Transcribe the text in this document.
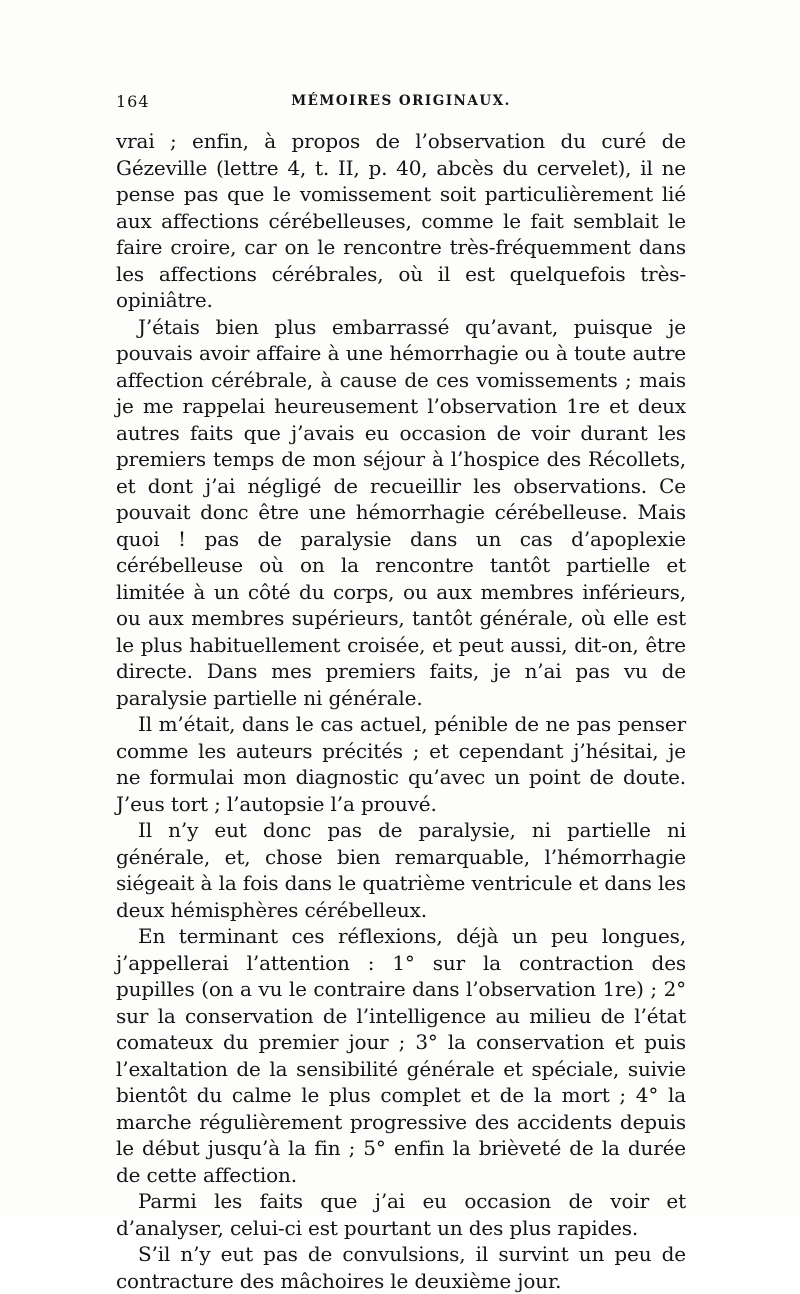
164	MÉMOIRES ORIGINAUX.

vrai ; enfin, à propos de l’observation du curé de Gézeville (lettre 4, t. II, p. 40, abcès du cervelet), il ne pense pas que le vomissement soit particulièrement lié aux affections cérébelleuses, comme le fait semblait le faire croire, car on le rencontre très-fréquemment dans les affections cérébrales, où il est quelquefois très-opiniâtre.

J’étais bien plus embarrassé qu’avant, puisque je pouvais avoir affaire à une hémorrhagie ou à toute autre affection cérébrale, à cause de ces vomissements ; mais je me rappelai heureusement l’observation 1re et deux autres faits que j’avais eu occasion de voir durant les premiers temps de mon séjour à l’hospice des Récollets, et dont j’ai négligé de recueillir les observations. Ce pouvait donc être une hémorrhagie cérébelleuse. Mais quoi ! pas de paralysie dans un cas d’apoplexie cérébelleuse où on la rencontre tantôt partielle et limitée à un côté du corps, ou aux membres inférieurs, ou aux membres supérieurs, tantôt générale, où elle est le plus habituellement croisée, et peut aussi, dit-on, être directe. Dans mes premiers faits, je n’ai pas vu de paralysie partielle ni générale.

Il m’était, dans le cas actuel, pénible de ne pas penser comme les auteurs précités ; et cependant j’hésitai, je ne formulai mon diagnostic qu’avec un point de doute. J’eus tort ; l’autopsie l’a prouvé.

Il n’y eut donc pas de paralysie, ni partielle ni générale, et, chose bien remarquable, l’hémorrhagie siégeait à la fois dans le quatrième ventricule et dans les deux hémisphères cérébelleux.

En terminant ces réflexions, déjà un peu longues, j’appellerai l’attention : 1° sur la contraction des pupilles (on a vu le contraire dans l’observation 1re) ; 2° sur la conservation de l’intelligence au milieu de l’état comateux du premier jour ; 3° la conservation et puis l’exaltation de la sensibilité générale et spéciale, suivie bientôt du calme le plus complet et de la mort ; 4° la marche régulièrement progressive des accidents depuis le début jusqu’à la fin ; 5° enfin la brièveté de la durée de cette affection.

Parmi les faits que j’ai eu occasion de voir et d’analyser, celui-ci est pourtant un des plus rapides.

S’il n’y eut pas de convulsions, il survint un peu de contracture des mâchoires le deuxième jour.
